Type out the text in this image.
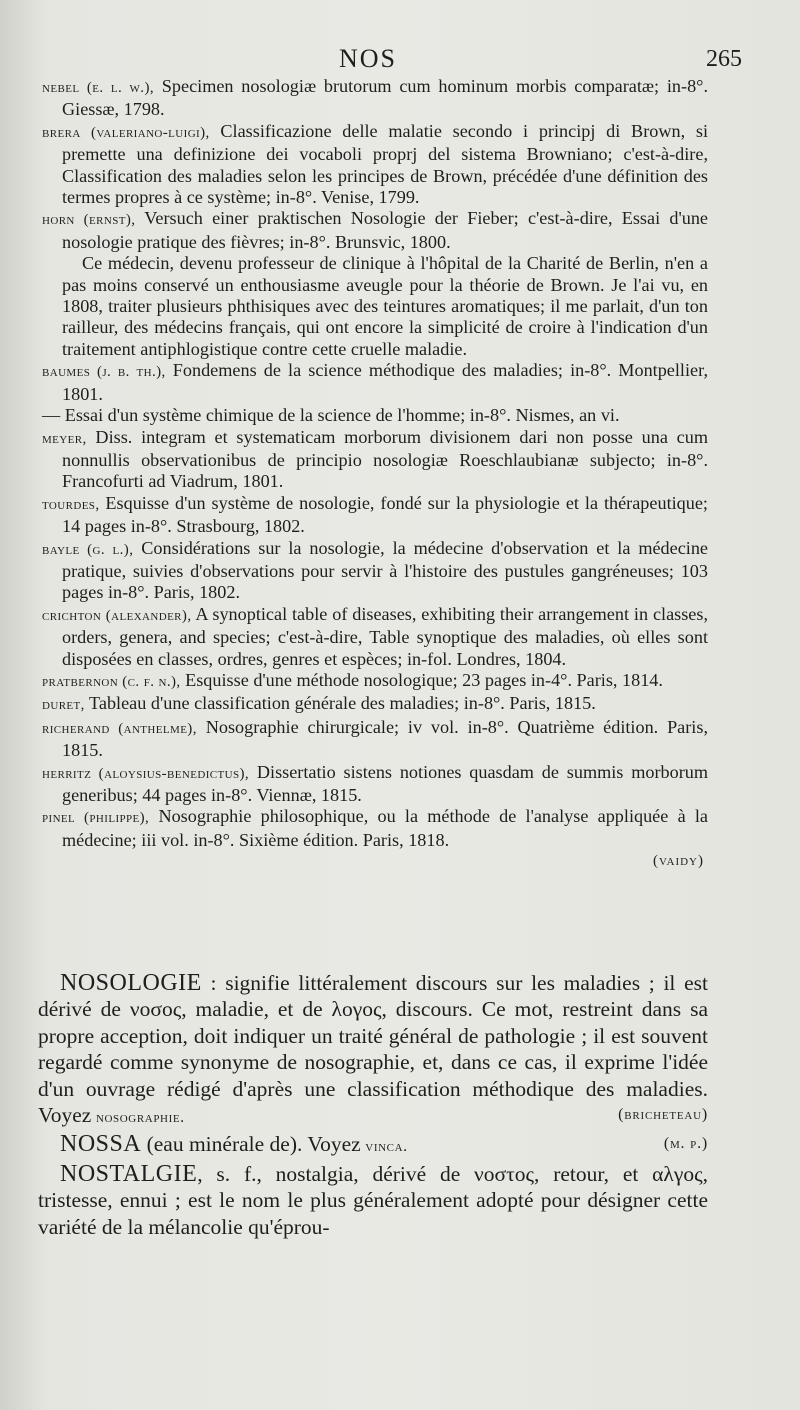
NOS	265
nebel (e. l. w.), Specimen nosologiæ brutorum cum hominum morbis comparatæ; in-8°. Giessæ, 1798.
brera (valeriano-luigi), Classificazione delle malatie secondo i principj di Brown, si premette una definizione dei vocaboli proprj del sistema Browniano; c'est-à-dire, Classification des maladies selon les principes de Brown, précédée d'une définition des termes propres à ce système; in-8°. Venise, 1799.
horn (ernst), Versuch einer praktischen Nosologie der Fieber; c'est-à-dire, Essai d'une nosologie pratique des fièvres; in-8°. Brunsvic, 1800.
Ce médecin, devenu professeur de clinique à l'hôpital de la Charité de Berlin, n'en a pas moins conservé un enthousiasme aveugle pour la théorie de Brown. Je l'ai vu, en 1808, traiter plusieurs phthisiques avec des teintures aromatiques; il me parlait, d'un ton railleur, des médecins français, qui ont encore la simplicité de croire à l'indication d'un traitement antiphlogistique contre cette cruelle maladie.
baumes (j. b. th.), Fondemens de la science méthodique des maladies; in-8°. Montpellier, 1801.
— Essai d'un système chimique de la science de l'homme; in-8°. Nismes, an vi.
meyer, Diss. integram et systematicam morborum divisionem dari non posse una cum nonnullis observationibus de principio nosologiæ Roeschlaubianæ subjecto; in-8°. Francofurti ad Viadrum, 1801.
tourdes, Esquisse d'un système de nosologie, fondé sur la physiologie et la thérapeutique; 14 pages in-8°. Strasbourg, 1802.
bayle (g. l.), Considérations sur la nosologie, la médecine d'observation et la médecine pratique, suivies d'observations pour servir à l'histoire des pustules gangréneuses; 103 pages in-8°. Paris, 1802.
crichton (alexander), A synoptical table of diseases, exhibiting their arrangement in classes, orders, genera, and species; c'est-à-dire, Table synoptique des maladies, où elles sont disposées en classes, ordres, genres et espèces; in-fol. Londres, 1804.
pratbernon (c. f. n.), Esquisse d'une méthode nosologique; 23 pages in-4°. Paris, 1814.
duret, Tableau d'une classification générale des maladies; in-8°. Paris, 1815.
richerand (anthelme), Nosographie chirurgicale; iv vol. in-8°. Quatrième édition. Paris, 1815.
herritz (aloysius-benedictus), Dissertatio sistens notiones quasdam de summis morborum generibus; 44 pages in-8°. Viennæ, 1815.
pinel (philippe), Nosographie philosophique, ou la méthode de l'analyse appliquée à la médecine; iii vol. in-8°. Sixième édition. Paris, 1818.
(vaidy)
NOSOLOGIE : signifie littéralement discours sur les maladies ; il est dérivé de νοσος, maladie, et de λογος, discours. Ce mot, restreint dans sa propre acception, doit indiquer un traité général de pathologie ; il est souvent regardé comme synonyme de nosographie, et, dans ce cas, il exprime l'idée d'un ouvrage rédigé d'après une classification méthodique des maladies. Voyez nosographie.	(bricheteau)
NOSSA (eau minérale de). Voyez vinca.	(m. p.)
NOSTALGIE, s. f., nostalgia, dérivé de νοστος, retour, et αλγος, tristesse, ennui ; est le nom le plus généralement adopté pour désigner cette variété de la mélancolie qu'éprou-
